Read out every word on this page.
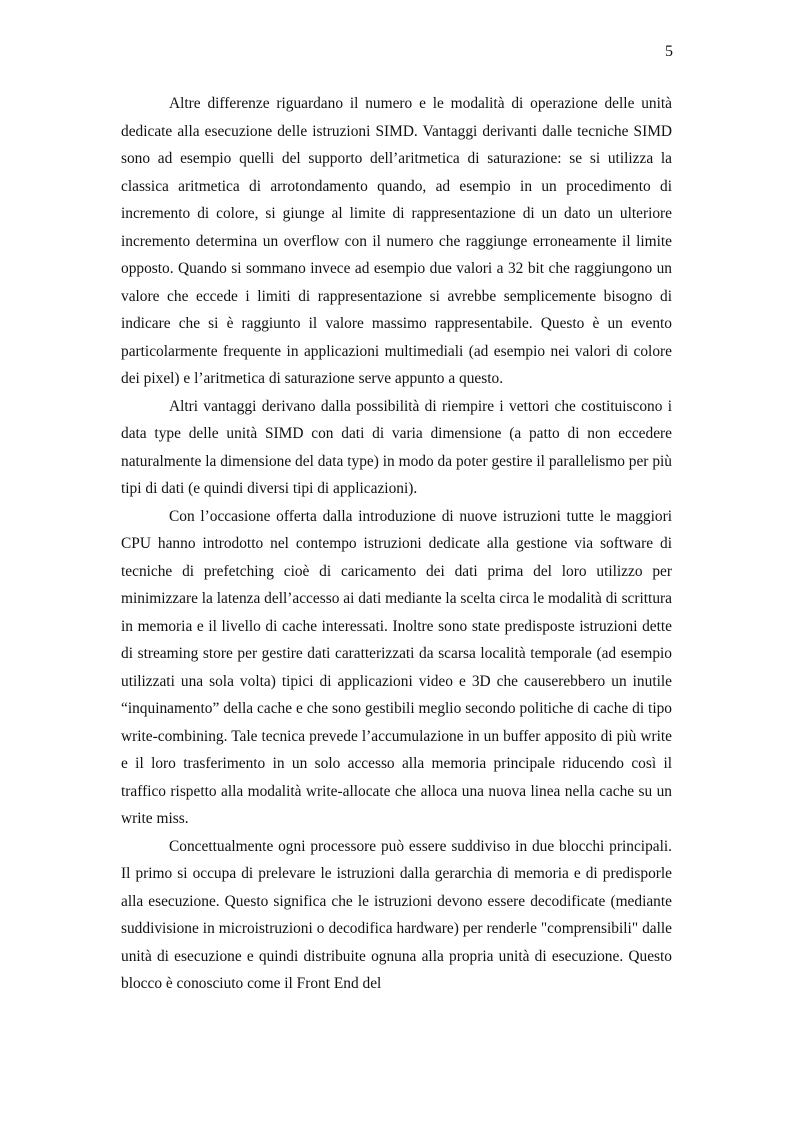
5

Altre differenze riguardano il numero e le modalità di operazione delle unità dedicate alla esecuzione delle istruzioni SIMD. Vantaggi derivanti dalle tecniche SIMD sono ad esempio quelli del supporto dell’aritmetica di saturazione: se si utilizza la classica aritmetica di arrotondamento quando, ad esempio in un procedimento di incremento di colore, si giunge al limite di rappresentazione di un dato un ulteriore incremento determina un overflow con il numero che raggiunge erroneamente il limite opposto. Quando si sommano invece ad esempio due valori a 32 bit che raggiungono un valore che eccede i limiti di rappresentazione si avrebbe semplicemente bisogno di indicare che si è raggiunto il valore massimo rappresentabile. Questo è un evento particolarmente frequente in applicazioni multimediali (ad esempio nei valori di colore dei pixel) e l’aritmetica di saturazione serve appunto a questo.

Altri vantaggi derivano dalla possibilità di riempire i vettori che costituiscono i data type delle unità SIMD con dati di varia dimensione (a patto di non eccedere naturalmente la dimensione del data type) in modo da poter gestire il parallelismo per più tipi di dati (e quindi diversi tipi di applicazioni).

Con l’occasione offerta dalla introduzione di nuove istruzioni tutte le maggiori CPU hanno introdotto nel contempo istruzioni dedicate alla gestione via software di tecniche di prefetching cioè di caricamento dei dati prima del loro utilizzo per minimizzare la latenza dell’accesso ai dati mediante la scelta circa le modalità di scrittura in memoria e il livello di cache interessati. Inoltre sono state predisposte istruzioni dette di streaming store per gestire dati caratterizzati da scarsa località temporale (ad esempio utilizzati una sola volta) tipici di applicazioni video e 3D che causerebbero un inutile “inquinamento” della cache e che sono gestibili meglio secondo politiche di cache di tipo write-combining. Tale tecnica prevede l’accumulazione in un buffer apposito di più write e il loro trasferimento in un solo accesso alla memoria principale riducendo così il traffico rispetto alla modalità write-allocate che alloca una nuova linea nella cache su un write miss.

Concettualmente ogni processore può essere suddiviso in due blocchi principali. Il primo si occupa di prelevare le istruzioni dalla gerarchia di memoria e di predisporle alla esecuzione. Questo significa che le istruzioni devono essere decodificate (mediante suddivisione in microistruzioni o decodifica hardware) per renderle "comprensibili" dalle unità di esecuzione e quindi distribuite ognuna alla propria unità di esecuzione. Questo blocco è conosciuto come il Front End del
